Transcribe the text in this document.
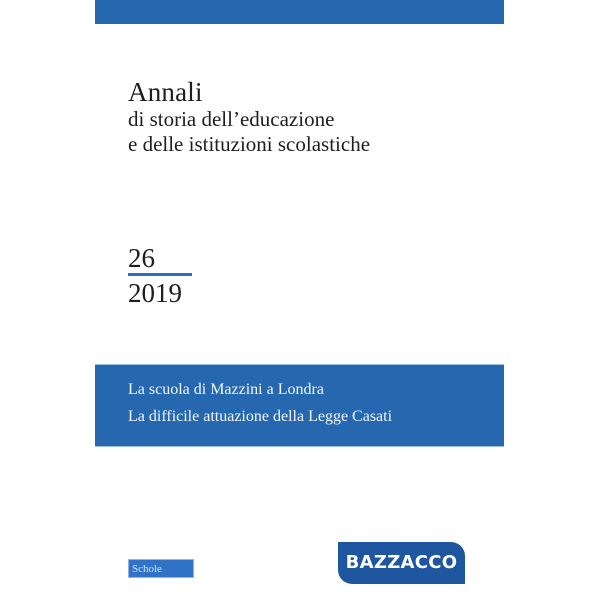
Annali
di storia dell’educazione
e delle istituzioni scolastiche
26
2019
La scuola di Mazzini a Londra
La difficile attuazione della Legge Casati
Schole	BAZZACCO
